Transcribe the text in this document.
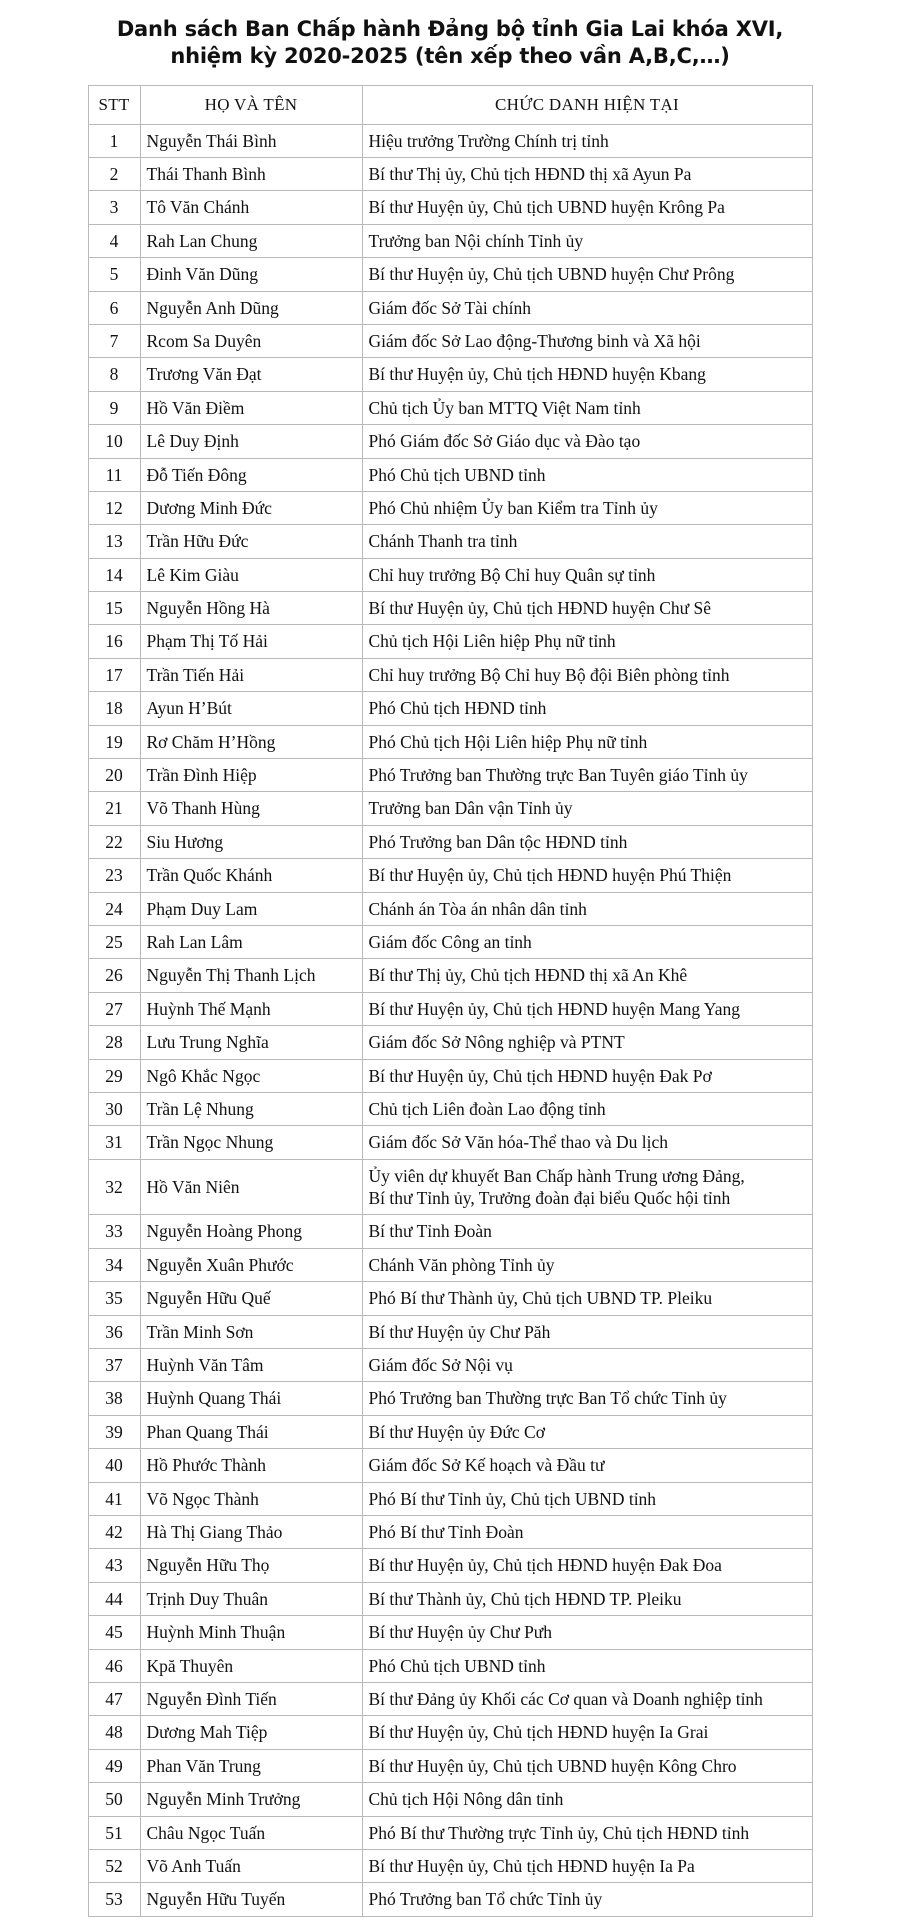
Danh sách Ban Chấp hành Đảng bộ tỉnh Gia Lai khóa XVI,
nhiệm kỳ 2020-2025 (tên xếp theo vần A,B,C,…)
STT	HỌ VÀ TÊN	CHỨC DANH HIỆN TẠI
1	Nguyễn Thái Bình	Hiệu trưởng Trường Chính trị tỉnh
2	Thái Thanh Bình	Bí thư Thị ủy, Chủ tịch HĐND thị xã Ayun Pa
3	Tô Văn Chánh	Bí thư Huyện ủy, Chủ tịch UBND huyện Krông Pa
4	Rah Lan Chung	Trưởng ban Nội chính Tỉnh ủy
5	Đinh Văn Dũng	Bí thư Huyện ủy, Chủ tịch UBND huyện Chư Prông
6	Nguyễn Anh Dũng	Giám đốc Sở Tài chính
7	Rcom Sa Duyên	Giám đốc Sở Lao động-Thương binh và Xã hội
8	Trương Văn Đạt	Bí thư Huyện ủy, Chủ tịch HĐND huyện Kbang
9	Hồ Văn Điềm	Chủ tịch Ủy ban MTTQ Việt Nam tỉnh
10	Lê Duy Định	Phó Giám đốc Sở Giáo dục và Đào tạo
11	Đỗ Tiến Đông	Phó Chủ tịch UBND tỉnh
12	Dương Minh Đức	Phó Chủ nhiệm Ủy ban Kiểm tra Tỉnh ủy
13	Trần Hữu Đức	Chánh Thanh tra tỉnh
14	Lê Kim Giàu	Chỉ huy trưởng Bộ Chỉ huy Quân sự tỉnh
15	Nguyễn Hồng Hà	Bí thư Huyện ủy, Chủ tịch HĐND huyện Chư Sê
16	Phạm Thị Tố Hải	Chủ tịch Hội Liên hiệp Phụ nữ tỉnh
17	Trần Tiến Hải	Chỉ huy trưởng Bộ Chỉ huy Bộ đội Biên phòng tỉnh
18	Ayun H’Bút	Phó Chủ tịch HĐND tỉnh
19	Rơ Chăm H’Hồng	Phó Chủ tịch Hội Liên hiệp Phụ nữ tỉnh
20	Trần Đình Hiệp	Phó Trưởng ban Thường trực Ban Tuyên giáo Tỉnh ủy
21	Võ Thanh Hùng	Trưởng ban Dân vận Tỉnh ủy
22	Siu Hương	Phó Trưởng ban Dân tộc HĐND tỉnh
23	Trần Quốc Khánh	Bí thư Huyện ủy, Chủ tịch HĐND huyện Phú Thiện
24	Phạm Duy Lam	Chánh án Tòa án nhân dân tỉnh
25	Rah Lan Lâm	Giám đốc Công an tỉnh
26	Nguyễn Thị Thanh Lịch	Bí thư Thị ủy, Chủ tịch HĐND thị xã An Khê
27	Huỳnh Thế Mạnh	Bí thư Huyện ủy, Chủ tịch HĐND huyện Mang Yang
28	Lưu Trung Nghĩa	Giám đốc Sở Nông nghiệp và PTNT
29	Ngô Khắc Ngọc	Bí thư Huyện ủy, Chủ tịch HĐND huyện Đak Pơ
30	Trần Lệ Nhung	Chủ tịch Liên đoàn Lao động tỉnh
31	Trần Ngọc Nhung	Giám đốc Sở Văn hóa-Thể thao và Du lịch
32	Hồ Văn Niên	Ủy viên dự khuyết Ban Chấp hành Trung ương Đảng,
Bí thư Tỉnh ủy, Trưởng đoàn đại biểu Quốc hội tỉnh

33	Nguyễn Hoàng Phong	Bí thư Tỉnh Đoàn
34	Nguyễn Xuân Phước	Chánh Văn phòng Tỉnh ủy
35	Nguyễn Hữu Quế	Phó Bí thư Thành ủy, Chủ tịch UBND TP. Pleiku
36	Trần Minh Sơn	Bí thư Huyện ủy Chư Păh
37	Huỳnh Văn Tâm	Giám đốc Sở Nội vụ
38	Huỳnh Quang Thái	Phó Trưởng ban Thường trực Ban Tổ chức Tỉnh ủy
39	Phan Quang Thái	Bí thư Huyện ủy Đức Cơ
40	Hồ Phước Thành	Giám đốc Sở Kế hoạch và Đầu tư
41	Võ Ngọc Thành	Phó Bí thư Tỉnh ủy, Chủ tịch UBND tỉnh
42	Hà Thị Giang Thảo	Phó Bí thư Tỉnh Đoàn
43	Nguyễn Hữu Thọ	Bí thư Huyện ủy, Chủ tịch HĐND huyện Đak Đoa
44	Trịnh Duy Thuân	Bí thư Thành ủy, Chủ tịch HĐND TP. Pleiku
45	Huỳnh Minh Thuận	Bí thư Huyện ủy Chư Pưh
46	Kpă Thuyên	Phó Chủ tịch UBND tỉnh
47	Nguyễn Đình Tiến	Bí thư Đảng ủy Khối các Cơ quan và Doanh nghiệp tỉnh
48	Dương Mah Tiệp	Bí thư Huyện ủy, Chủ tịch HĐND huyện Ia Grai
49	Phan Văn Trung	Bí thư Huyện ủy, Chủ tịch UBND huyện Kông Chro
50	Nguyễn Minh Trưởng	Chủ tịch Hội Nông dân tỉnh
51	Châu Ngọc Tuấn	Phó Bí thư Thường trực Tỉnh ủy, Chủ tịch HĐND tỉnh
52	Võ Anh Tuấn	Bí thư Huyện ủy, Chủ tịch HĐND huyện Ia Pa
53	Nguyễn Hữu Tuyến	Phó Trưởng ban Tổ chức Tỉnh ủy
